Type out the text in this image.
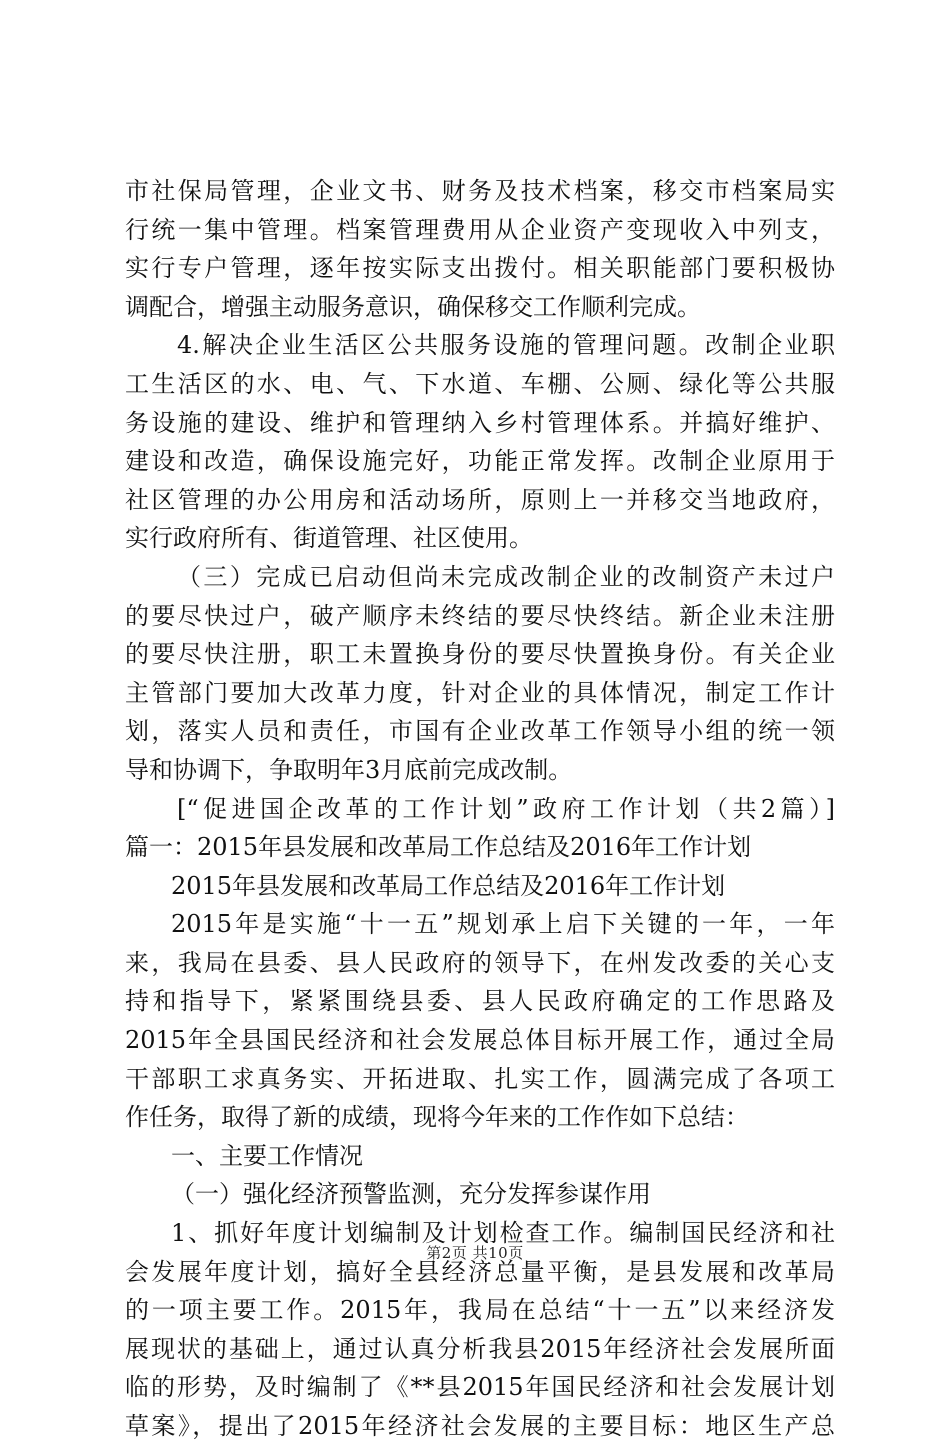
市社保局管理，企业文书、财务及技术档案，移交市档案局实
行统一集中管理。档案管理费用从企业资产变现收入中列支，
实行专户管理，逐年按实际支出拨付。相关职能部门要积极协
调配合，增强主动服务意识，确保移交工作顺利完成。
4.解决企业生活区公共服务设施的管理问题。改制企业职
工生活区的水、电、气、下水道、车棚、公厕、绿化等公共服
务设施的建设、维护和管理纳入乡村管理体系。并搞好维护、
建设和改造，确保设施完好，功能正常发挥。改制企业原用于
社区管理的办公用房和活动场所，原则上一并移交当地政府，
实行政府所有、街道管理、社区使用。
（三）完成已启动但尚未完成改制企业的改制资产未过户
的要尽快过户，破产顺序未终结的要尽快终结。新企业未注册
的要尽快注册，职工未置换身份的要尽快置换身份。有关企业
主管部门要加大改革力度，针对企业的具体情况，制定工作计
划，落实人员和责任，市国有企业改革工作领导小组的统一领
导和协调下，争取明年3月底前完成改制。
[“促进国企改革的工作计划”政府工作计划（共2篇）]
篇一：2015年县发展和改革局工作总结及2016年工作计划
2015年县发展和改革局工作总结及2016年工作计划
2015年是实施“十一五”规划承上启下关键的一年，一年
来，我局在县委、县人民政府的领导下，在州发改委的关心支
持和指导下，紧紧围绕县委、县人民政府确定的工作思路及
2015年全县国民经济和社会发展总体目标开展工作，通过全局
干部职工求真务实、开拓进取、扎实工作，圆满完成了各项工
作任务，取得了新的成绩，现将今年来的工作作如下总结：
一、主要工作情况
（一）强化经济预警监测，充分发挥参谋作用
1、抓好年度计划编制及计划检查工作。编制国民经济和社
会发展年度计划，搞好全县经济总量平衡，是县发展和改革局
的一项主要工作。2015年，我局在总结“十一五”以来经济发
展现状的基础上，通过认真分析我县2015年经济社会发展所面
临的形势，及时编制了《**县2015年国民经济和社会发展计划
草案》，提出了2015年经济社会发展的主要目标：地区生产总
第2页 共10页
